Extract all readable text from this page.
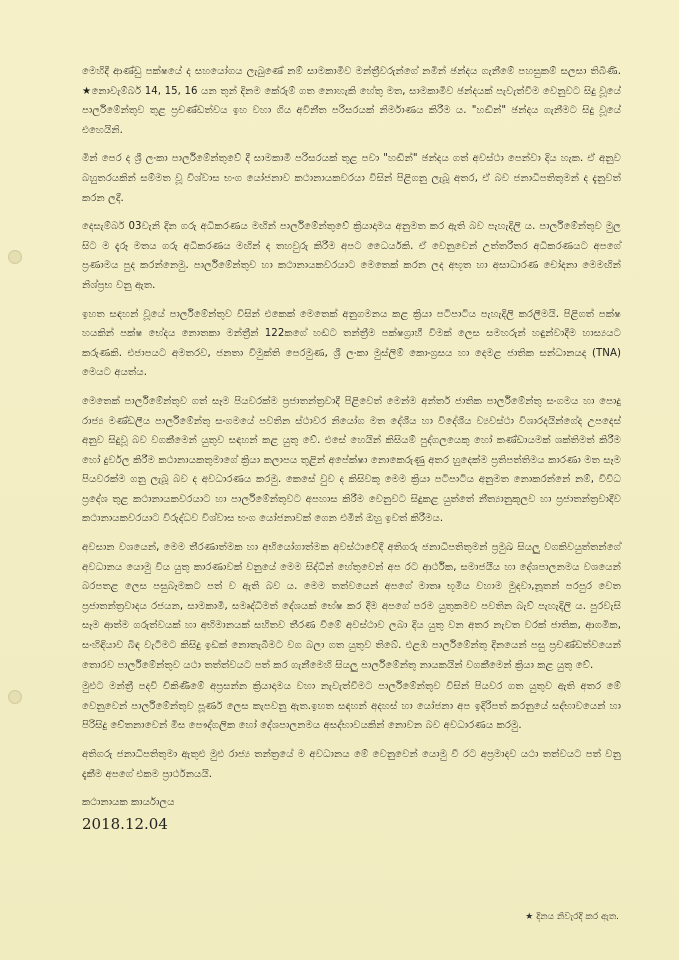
මෙහිදී ආණ්ඩු පක්ෂයේ ද සහයෝගය ලැබුණේ නම් සාමකාමීව මන්ත්‍රීවරුන්ගේ නමින් ඡන්දය ගැනීමේ පහසුකම් සලසා තිබිණි. ★නොවැම්බර් 14, 15, 16 යන තුන් දිනම කේරුම් ගත නොහැකි හේතු මත, සාමකාමීව ඡන්දයක් පැවැත්වීම වෙනුවට සිදු වූයේ පාර්ලිමේන්තුව තුළ ප්‍රචණ්ඩත්වය ඉහ වහා ගිය අවිනීත පරිසරයක් නිර්මාණය කිරීම ය. "හඬින්" ඡන්දය ගැනීමට සිදු වූයේ එහෙයිනි.

මින් පෙර ද ශ්‍රී ලංකා පාර්ලිමේන්තුවේ දී සාමකාමී පරිසරයක් තුළ පවා "හඬින්" ඡන්දය ගත් අවස්ථා පෙන්වා දිය හැක. ඒ අනුව බහුතරයකින් සම්මත වූ විශ්වාස භංග යෝජනාව කථානායකවරයා විසින් පිළිගනු ලැබූ අතර, ඒ බව ජනාධිපතිතුමන් ද දැනුවත් කරන ලදී.

දෙසැම්බර් 03වැනි දින ගරු අධිකරණය මඟින් පාර්ලිමේන්තුවේ ක්‍රියාදාමය අනුමත කර ඇති බව පැහැදිලි ය. පාර්ලිමේන්තුව මුල සිට ම දැරූ මතය ගරු අධිකරණය මඟින් ද තහවුරු කිරීම අපට ධෛර්යකි. ඒ වෙනුවෙන් උත්තරීතර අධිකරණයට අපගේ ප්‍රණාමය පුද කරන්නෙමු. පාර්ලිමේන්තුව හා කථානායකවරයාට මෙතෙක් කරන ලද අභූත හා අසාධාරණ චෝදනා මෙමඟින් නිශ්ප්‍රභ වනු ඇත.

ඉහත සඳහන් වූයේ පාර්ලිමේන්තුව විසින් එකෙක් මෙතෙක් අනුගමනය කළ ක්‍රියා පටිපාටිය පැහැදිලි කරලීමයි. පිළිගත් පක්ෂ හයකින් පක්ෂ භේදය නොතකා මන්ත්‍රීන් 122කගේ හඬට තන්ත්‍රීම පක්ෂග්‍රාහී විමක් ලෙස සමහරුන් හඳුන්වාදීම හාස්‍යයට කරුණකි. එජාපයට අමතරව, ජනතා විමුක්ති පෙරමුණ, ශ්‍රී ලංකා මුස්ලිම් කොංග්‍රසය හා දෙමළ ජාතික සන්ධානයද (TNA) මෙයට අයත්ය.

මෙතෙක් පාර්ලිමේන්තුව ගත් සෑම පියවරක්ම ප්‍රජාතන්ත්‍රවාදී පිළිවෙත් මෙන්ම අන්තර් ජාතික පාර්ලිමේන්තු සංගමය හා පොදු රාජ්‍ය මණ්ඩලීය පාර්ලිමේන්තු සංගමයේ පවතින ස්ථාවර නියෝග මත දේශීය හා විදේශීය ව්‍යවස්ථා විශාරදයින්ගේද උපදෙස් අනුව සිදුවූ බව වගකීමෙන් යුතුව සඳහන් කළ යුතු වේ. එසේ හෙයින් කිසියම් පුද්ගලයෙකු හෝ කණ්ඩායමක් ශක්තිමත් කිරීම හෝ දුර්වල කිරීම කථානායකතුමාගේ ක්‍රියා කලාපය තුළින් අපේක්ෂා නොකෙරුණු අතර හුදෙක්ම ප්‍රතිපත්තිමය කාරණා මත සෑම පියවරක්ම ගනු ලැබූ බව ද අවධාරණය කරමු. කෙසේ වුව ද කිසිවකු මෙම ක්‍රියා පටිපාටිය අනුමත නොකරන්නේ නම්, විවිධ ප්‍රදේශ තුළ කථානායකවරයාට හා පාර්ලිමේන්තුවට අපහාස කිරීම වෙනුවට සිදුකළ යුත්තේ නීත්‍යානුකූලව හා ප්‍රජාතන්ත්‍රවාදීව කථානායකවරයාට විරුද්ධව විශ්වාස භංග යෝජනාවක් ගෙන එමින් ඔහු ඉවත් කිරීමය.

අවසාන වශයෙන්, මෙම තීරණාත්මක හා අභියෝගාත්මක අවස්ථාවේදී අතිගරු ජනාධිපතිතුමන් ප්‍රමුඛ සියලු වගකිවයුත්තන්ගේ අවධානය යොමු විය යුතු කාරණාවක් වනුයේ මෙම සිද්ධීන් හේතුවෙන් අප රට ආර්ථික, සමාජයීය හා දේශපාලනමය වශයෙන් බරපතළ ලෙස පසුබෑමකට පත් ව ඇති බව ය. මෙම තත්වයෙන් අපගේ මාතෘ භූමිය වහාම මුදවා,නූතන් පරපුර වෙත ප්‍රජාතන්ත්‍රවාදය රජයන, සාමකාමී, සමෘද්ධිමත් දේශයක් භේෂ කර දීම අපගේ පරම යුතුකමව පවතින බැව් පැහැදිලි ය. පුරවැසි සෑම ආත්ම ගරුත්වයක් හා අභිමානයක් සහිතව තීරණ වීමේ අවස්ථාව ලබා දිය යුතු වන අතර නැවත වරක් ජාතික, ආගමික, සංහිඳියාව බිඳ වැටීමට කිසිදු ඉඩක් නොතැබීමට වග බලා ගත යුතුව තිබේ. එළඹ පාර්ලිමේන්තු දිනයෙන් පසු ප්‍රචණ්ඩත්වයෙන් තොරව පාර්ලිමේන්තුව යථා තත්ත්වයට පත් කර ගැනීමෙහි සියලු පාර්ලිමේන්තු නායකයින් වගකීමෙන් ක්‍රියා කළ යුතු වේ.

මුළුට මන්ත්‍රී පදවි චිකිණීමේ අප්‍රසන්න ක්‍රියාදාමය වහා නැවැත්වීමට පාර්ලිමේන්තුව විසින් පියවර ගත යුතුව ඇති අතර මේ වෙනුවෙන් පාර්ලිමේන්තුව පූර්ණ ලෙස කැපවනු ඇත.ඉහත සඳහන් අදහස් හා යෝජනා අප ඉදිරිපත් කරනුයේ සද්භාවයෙන් හා පිරිසිදු චේතනාවෙන් මිස පෞද්ගලික හෝ දේශපාලනමය අසද්භාවයකින් නොවන බව අවධාරණය කරමු.

අතිගරු ජනාධිපතිතුමා ඇතුළු මුළු රාජ්‍ය තන්ත්‍රයේ ම අවධානය මේ වෙනුවෙන් යොමු වී රට අප්‍රමාදව යථා තත්වයට පත් වනු දැකීම අපගේ එකම ප්‍රාර්ථනයයි.

කථානායක කාර්යාලය
2018.12.04
★ දිනය නිවැරදි කර ඇත.
